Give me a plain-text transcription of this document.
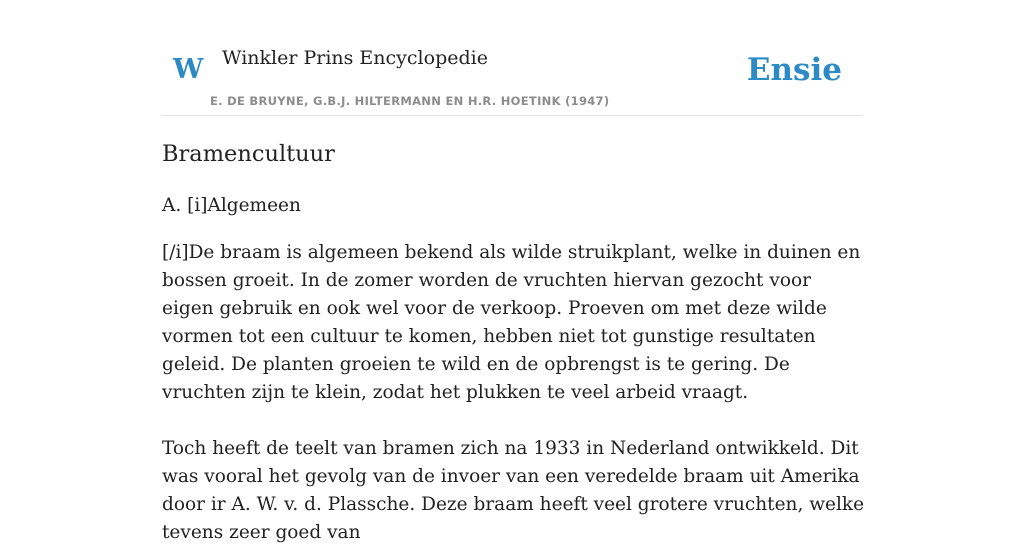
W Winkler Prins Encyclopedie
E. DE BRUYNE, G.B.J. HILTERMANN EN H.R. HOETINK (1947)
Ensie
Bramencultuur

A. [i]Algemeen

[/i]De braam is algemeen bekend als wilde struikplant, welke in duinen en bossen groeit. In de zomer worden de vruchten hiervan gezocht voor eigen gebruik en ook wel voor de verkoop. Proeven om met deze wilde vormen tot een cultuur te komen, hebben niet tot gunstige resultaten geleid. De planten groeien te wild en de opbrengst is te gering. De vruchten zijn te klein, zodat het plukken te veel arbeid vraagt.

Toch heeft de teelt van bramen zich na 1933 in Nederland ontwikkeld. Dit was vooral het gevolg van de invoer van een veredelde braam uit Amerika door ir A. W. v. d. Plassche. Deze braam heeft veel grotere vruchten, welke tevens zeer goed van
